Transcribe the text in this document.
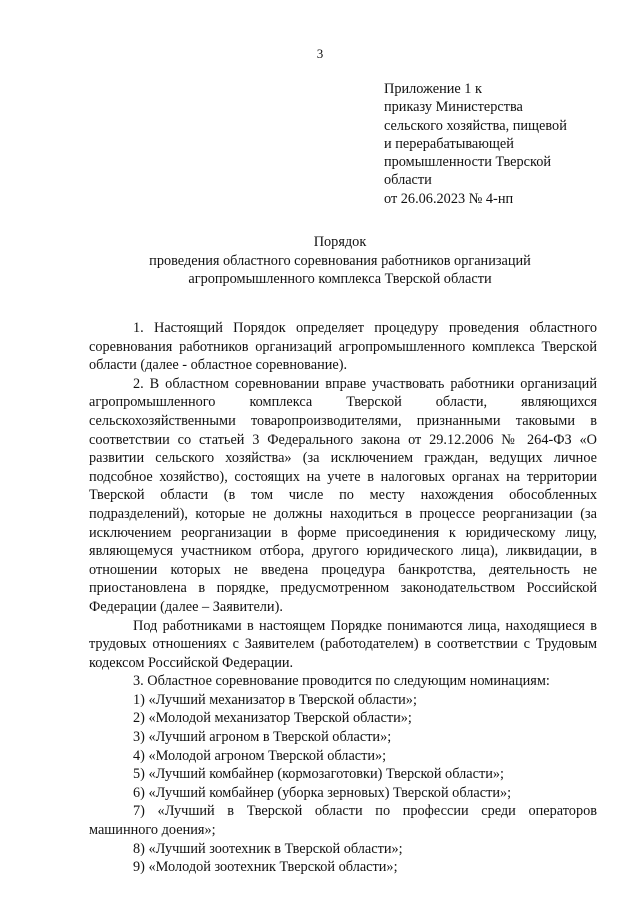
3
Приложение 1 к
приказу Министерства
сельского хозяйства, пищевой
и перерабатывающей
промышленности Тверской
области
от 26.06.2023 № 4-нп
Порядок
проведения областного соревнования работников организаций
агропромышленного комплекса Тверской области

1. Настоящий Порядок определяет процедуру проведения областного соревнования работников организаций агропромышленного комплекса Тверской области (далее - областное соревнование).

2. В областном соревновании вправе участвовать работники организаций агропромышленного комплекса Тверской области, являющихся сельскохозяйственными товаропроизводителями, признанными таковыми в соответствии со статьей 3 Федерального закона от 29.12.2006 № 264-ФЗ «О развитии сельского хозяйства» (за исключением граждан, ведущих личное подсобное хозяйство), состоящих на учете в налоговых органах на территории Тверской области (в том числе по месту нахождения обособленных подразделений), которые не должны находиться в процессе реорганизации (за исключением реорганизации в форме присоединения к юридическому лицу, являющемуся участником отбора, другого юридического лица), ликвидации, в отношении которых не введена процедура банкротства, деятельность не приостановлена в порядке, предусмотренном законодательством Российской Федерации (далее – Заявители).

Под работниками в настоящем Порядке понимаются лица, находящиеся в трудовых отношениях с Заявителем (работодателем) в соответствии с Трудовым кодексом Российской Федерации.

3. Областное соревнование проводится по следующим номинациям:

1) «Лучший механизатор в Тверской области»;
2) «Молодой механизатор Тверской области»;
3) «Лучший агроном в Тверской области»;
4) «Молодой агроном Тверской области»;
5) «Лучший комбайнер (кормозаготовки) Тверской области»;
6) «Лучший комбайнер (уборка зерновых) Тверской области»;

7) «Лучший в Тверской области по профессии среди операторов машинного доения»;

8) «Лучший зоотехник в Тверской области»;
9) «Молодой зоотехник Тверской области»;
